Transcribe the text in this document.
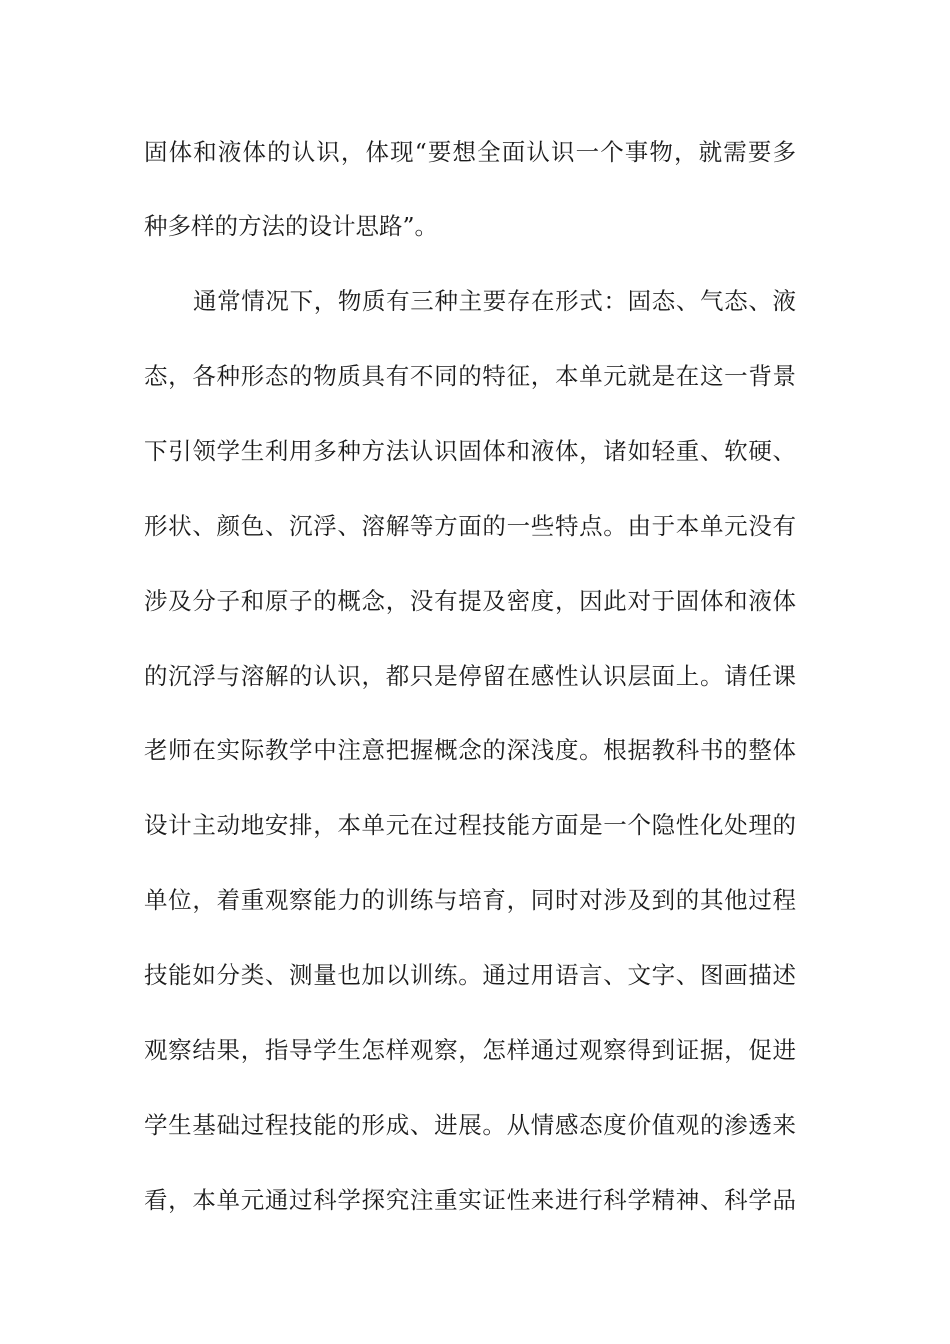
固体和液体的认识，体现“要想全面认识一个事物，就需要多
种多样的方法的设计思路”。
通常情况下，物质有三种主要存在形式：固态、气态、液
态，各种形态的物质具有不同的特征，本单元就是在这一背景
下引领学生利用多种方法认识固体和液体，诸如轻重、软硬、
形状、颜色、沉浮、溶解等方面的一些特点。由于本单元没有
涉及分子和原子的概念，没有提及密度，因此对于固体和液体
的沉浮与溶解的认识，都只是停留在感性认识层面上。请任课
老师在实际教学中注意把握概念的深浅度。根据教科书的整体
设计主动地安排，本单元在过程技能方面是一个隐性化处理的
单位，着重观察能力的训练与培育，同时对涉及到的其他过程
技能如分类、测量也加以训练。通过用语言、文字、图画描述
观察结果，指导学生怎样观察，怎样通过观察得到证据，促进
学生基础过程技能的形成、进展。从情感态度价值观的渗透来
看，本单元通过科学探究注重实证性来进行科学精神、科学品
